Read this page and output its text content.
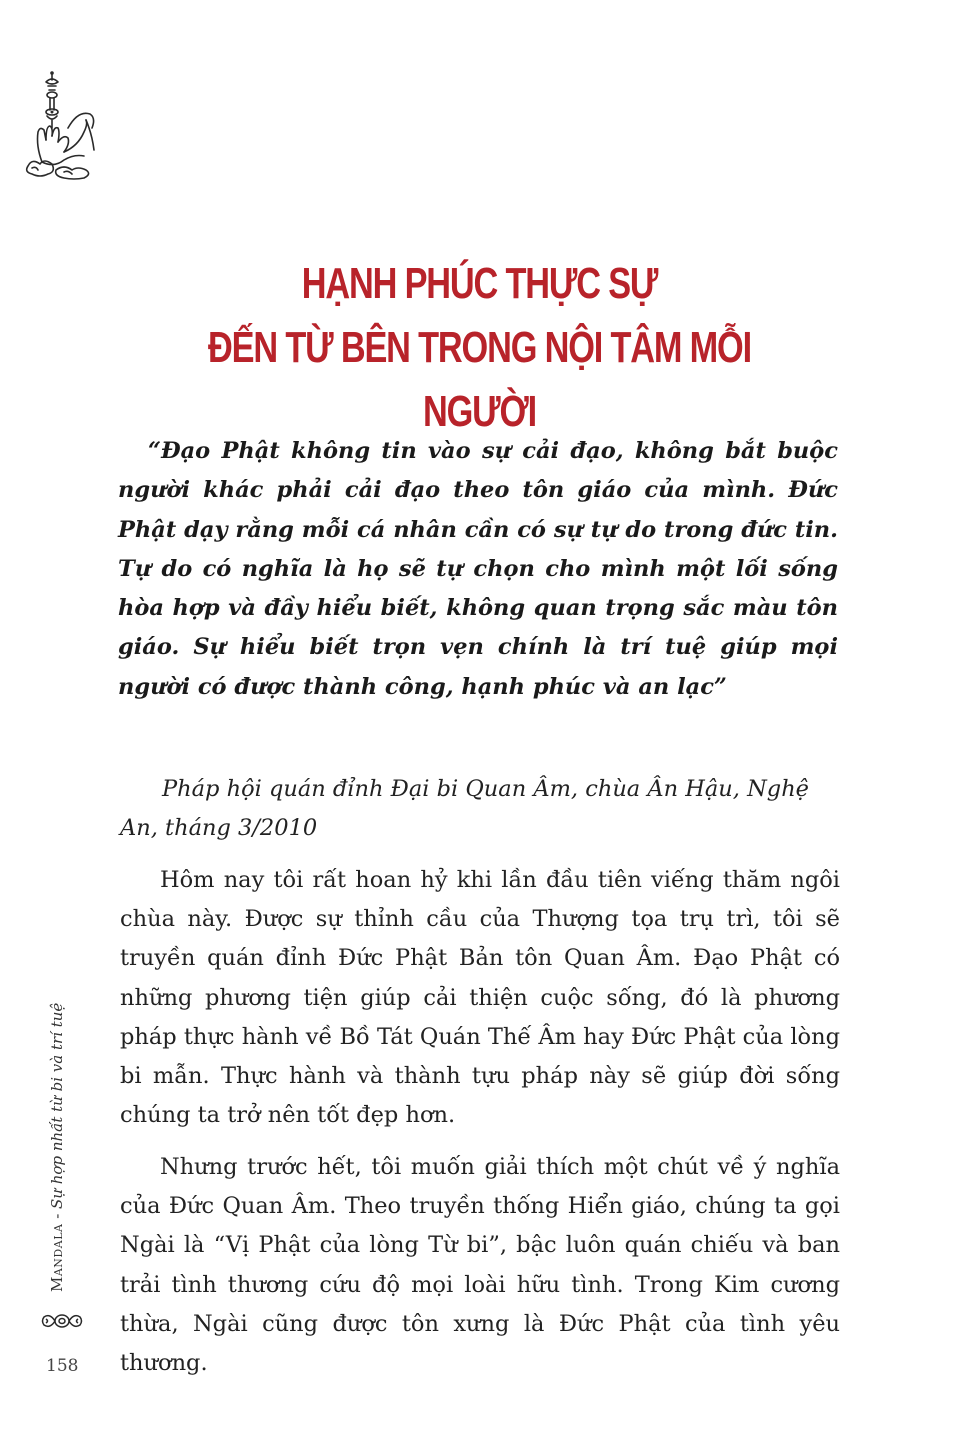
HẠNH PHÚC THỰC SỰ
ĐẾN TỪ BÊN TRONG NỘI TÂM MỖI NGƯỜI

“Đạo Phật không tin vào sự cải đạo, không bắt buộc người khác phải cải đạo theo tôn giáo của mình. Đức Phật dạy rằng mỗi cá nhân cần có sự tự do trong đức tin. Tự do có nghĩa là họ sẽ tự chọn cho mình một lối sống hòa hợp và đầy hiểu biết, không quan trọng sắc màu tôn giáo. Sự hiểu biết trọn vẹn chính là trí tuệ giúp mọi người có được thành công, hạnh phúc và an lạc”

Pháp hội quán đỉnh Đại bi Quan Âm, chùa Ân Hậu, Nghệ An, tháng 3/2010

Hôm nay tôi rất hoan hỷ khi lần đầu tiên viếng thăm ngôi chùa này. Được sự thỉnh cầu của Thượng tọa trụ trì, tôi sẽ truyền quán đỉnh Đức Phật Bản tôn Quan Âm. Đạo Phật có những phương tiện giúp cải thiện cuộc sống, đó là phương pháp thực hành về Bồ Tát Quán Thế Âm hay Đức Phật của lòng bi mẫn. Thực hành và thành tựu pháp này sẽ giúp đời sống chúng ta trở nên tốt đẹp hơn.

Nhưng trước hết, tôi muốn giải thích một chút về ý nghĩa của Đức Quan Âm. Theo truyền thống Hiển giáo, chúng ta gọi Ngài là “Vị Phật của lòng Từ bi”, bậc luôn quán chiếu và ban trải tình thương cứu độ mọi loài hữu tình. Trong Kim cương thừa, Ngài cũng được tôn xưng là Đức Phật của tình yêu thương.

Mandala - Sự hợp nhất từ bi và trí tuệ
158
